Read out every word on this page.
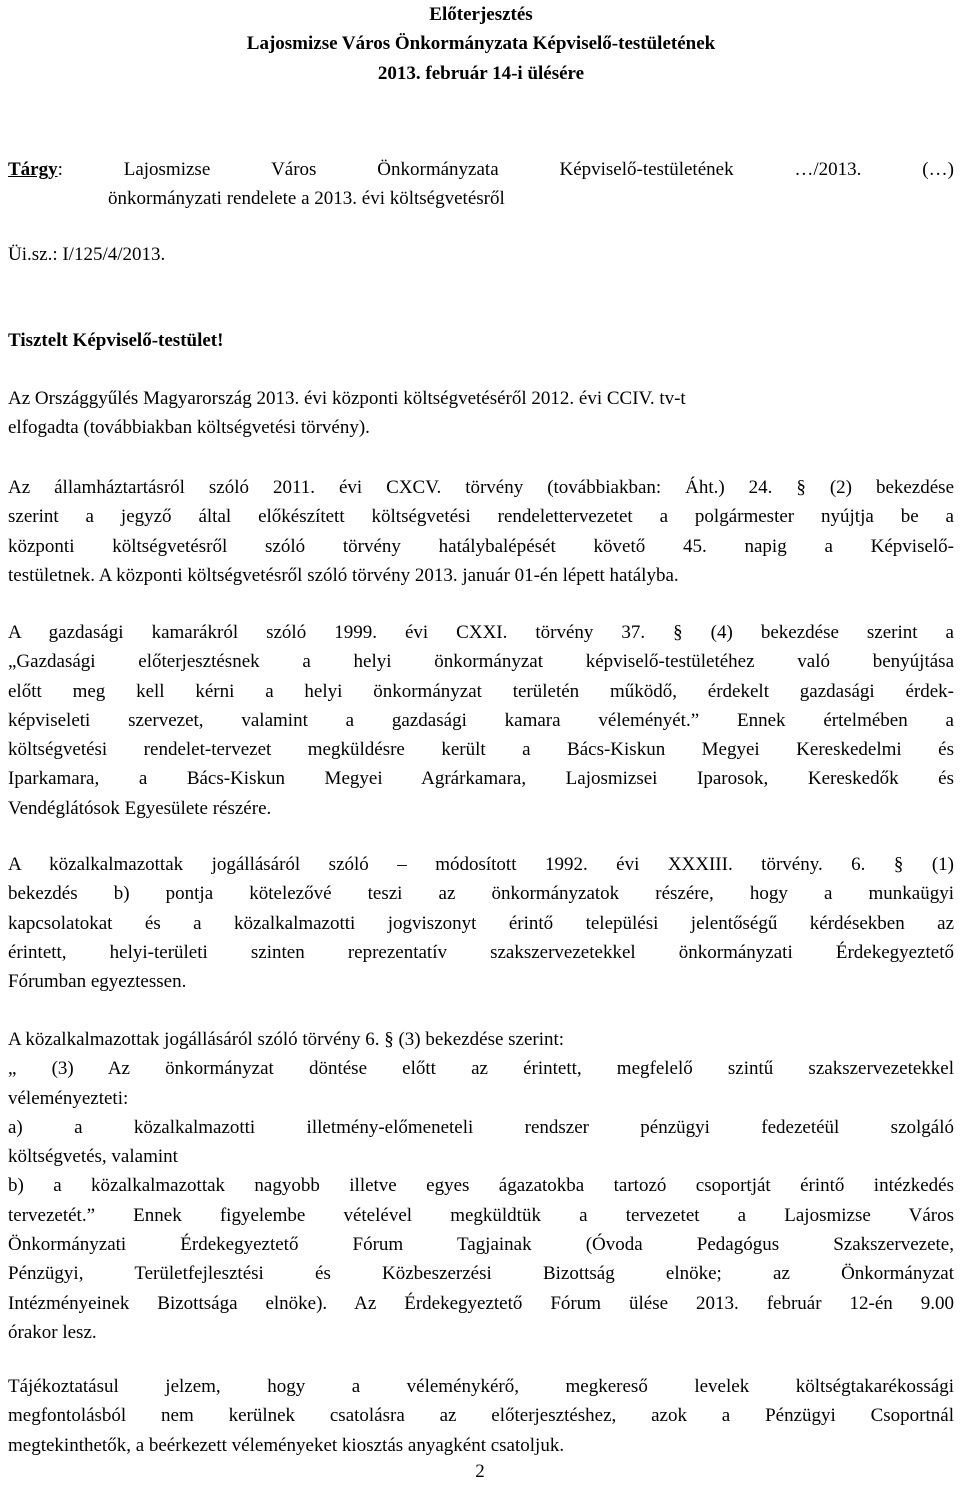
Előterjesztés
Lajosmizse Város Önkormányzata Képviselő-testületének
2013. február 14-i ülésére
Tárgy:	Lajosmizse	Város	Önkormányzata	Képviselő-testületének	…/2013.	(…)
önkormányzati rendelete a 2013. évi költségvetésről
Üi.sz.: I/125/4/2013.
Tisztelt Képviselő-testület!
Az Országgyűlés Magyarország 2013. évi központi költségvetéséről 2012. évi CCIV. tv-t
elfogadta (továbbiakban költségvetési törvény).
Az államháztartásról szóló 2011. évi CXCV. törvény (továbbiakban: Áht.) 24. § (2) bekezdése
szerint a jegyző által előkészített költségvetési rendelettervezetet a polgármester nyújtja be a
központi költségvetésről szóló törvény hatálybalépését követő 45. napig a Képviselő-
testületnek. A központi költségvetésről szóló törvény 2013. január 01-én lépett hatályba.
A gazdasági kamarákról szóló 1999. évi CXXI. törvény 37. § (4) bekezdése szerint a
„Gazdasági előterjesztésnek a helyi önkormányzat képviselő-testületéhez való benyújtása
előtt meg kell kérni a helyi önkormányzat területén működő, érdekelt gazdasági érdek-
képviseleti szervezet, valamint a gazdasági kamara véleményét.” Ennek értelmében a
költségvetési rendelet-tervezet megküldésre került a Bács-Kiskun Megyei Kereskedelmi és
Iparkamara, a Bács-Kiskun Megyei Agrárkamara, Lajosmizsei Iparosok, Kereskedők és
Vendéglátósok Egyesülete részére.
A közalkalmazottak jogállásáról szóló – módosított 1992. évi XXXIII. törvény. 6. § (1)
bekezdés b) pontja kötelezővé teszi az önkormányzatok részére, hogy a munkaügyi
kapcsolatokat és a közalkalmazotti jogviszonyt érintő települési jelentőségű kérdésekben az
érintett, helyi-területi szinten reprezentatív szakszervezetekkel önkormányzati Érdekegyeztető
Fórumban egyeztessen.
A közalkalmazottak jogállásáról szóló törvény 6. § (3) bekezdése szerint:
„ (3) Az önkormányzat döntése előtt az érintett, megfelelő szintű szakszervezetekkel
véleményezteti:
a) a közalkalmazotti illetmény-előmeneteli rendszer pénzügyi fedezetéül szolgáló
költségvetés, valamint
b) a közalkalmazottak nagyobb illetve egyes ágazatokba tartozó csoportját érintő intézkedés
tervezetét.” Ennek figyelembe vételével megküldtük a tervezetet a Lajosmizse Város
Önkormányzati Érdekegyeztető Fórum Tagjainak (Óvoda Pedagógus Szakszervezete,
Pénzügyi, Területfejlesztési és Közbeszerzési Bizottság elnöke; az Önkormányzat
Intézményeinek Bizottsága elnöke). Az Érdekegyeztető Fórum ülése 2013. február 12-én 9.00
órakor lesz.
Tájékoztatásul jelzem, hogy a véleménykérő, megkereső levelek költségtakarékossági
megfontolásból nem kerülnek csatolásra az előterjesztéshez, azok a Pénzügyi Csoportnál
megtekinthetők, a beérkezett véleményeket kiosztás anyagként csatoljuk.
2
